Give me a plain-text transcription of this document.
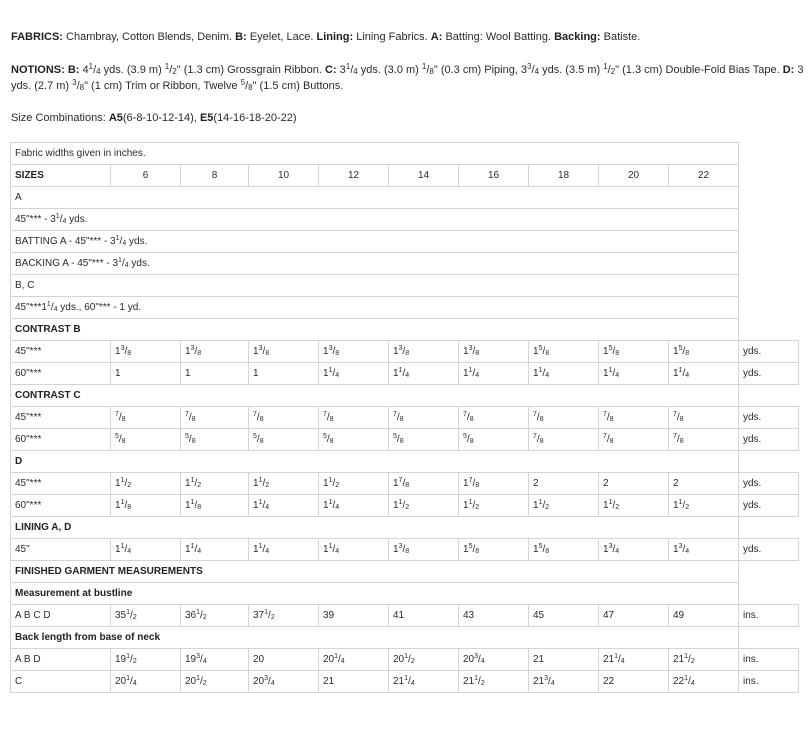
FABRICS: Chambray, Cotton Blends, Denim. B: Eyelet, Lace. Lining: Lining Fabrics. A: Batting: Wool Batting. Backing: Batiste.
NOTIONS: B: $4^1/_4$ yds. (3.9 m) $^1/_2$" (1.3 cm) Grossgrain Ribbon. C: $3^1/_4$ yds. (3.0 m) $^1/_8$" (0.3 cm) Piping, $3^3/_4$ yds. (3.5 m) $^1/_2$" (1.3 cm) Double-Fold Bias Tape. D: 3
yds. (2.7 m) $^3/_8$" (1 cm) Trim or Ribbon, Twelve $^5/_8$" (1.5 cm) Buttons.
Size Combinations: A5(6-8-10-12-14), E5(14-16-18-20-22)
Fabric widths given in inches.										
SIZES	6	8	10	12	14	16	18	20	22	
A										
45"*** - $3^1/_4$ yds.										
BATTING A - 45"*** - $3^1/_4$ yds.										
BACKING A - 45"*** - $3^1/_4$ yds.										
B, C										
$45"***1^1/_4$ yds., 60"*** - 1 yd.										
CONTRAST B										
45"***	$1^3/_8$	$1^3/_8$	$1^3/_8$	$1^3/_8$	$1^3/_8$	$1^3/_8$	$1^5/_8$	$1^5/_8$	$1^5/_8$	yds.
60"***	1	1	1	$1^1/_4$	$1^1/_4$	$1^1/_4$	$1^1/_4$	$1^1/_4$	$1^1/_4$	yds.
CONTRAST C										
45"***	$^7/_8$	$^7/_8$	$^7/_8$	$^7/_8$	$^7/_8$	$^7/_8$	$^7/_8$	$^7/_8$	$^7/_8$	yds.
60"***	$^5/_8$	$^5/_8$	$^5/_8$	$^5/_8$	$^5/_8$	$^5/_8$	$^7/_8$	$^7/_8$	$^7/_8$	yds.
D										
45"***	$1^1/_2$	$1^1/_2$	$1^1/_2$	$1^1/_2$	$1^7/_8$	$1^7/_8$	2	2	2	yds.
60"***	$1^1/_8$	$1^1/_8$	$1^1/_4$	$1^1/_4$	$1^1/_2$	$1^1/_2$	$1^1/_2$	$1^1/_2$	$1^1/_2$	yds.
LINING A, D										
45"	$1^1/_4$	$1^1/_4$	$1^1/_4$	$1^1/_4$	$1^3/_8$	$1^5/_8$	$1^5/_8$	$1^3/_4$	$1^3/_4$	yds.
FINISHED GARMENT MEASUREMENTS										
Measurement at bustline										
A B C D	$35^1/_2$	$36^1/_2$	$37^1/_2$	39	41	43	45	47	49	ins.
Back length from base of neck										
A B D	$19^1/_2$	$19^3/_4$	20	$20^1/_4$	$20^1/_2$	$20^3/_4$	21	$21^1/_4$	$21^1/_2$	ins.
C	$20^1/_4$	$20^1/_2$	$20^3/_4$	21	$21^1/_4$	$21^1/_2$	$21^3/_4$	22	$22^1/_4$	ins.
